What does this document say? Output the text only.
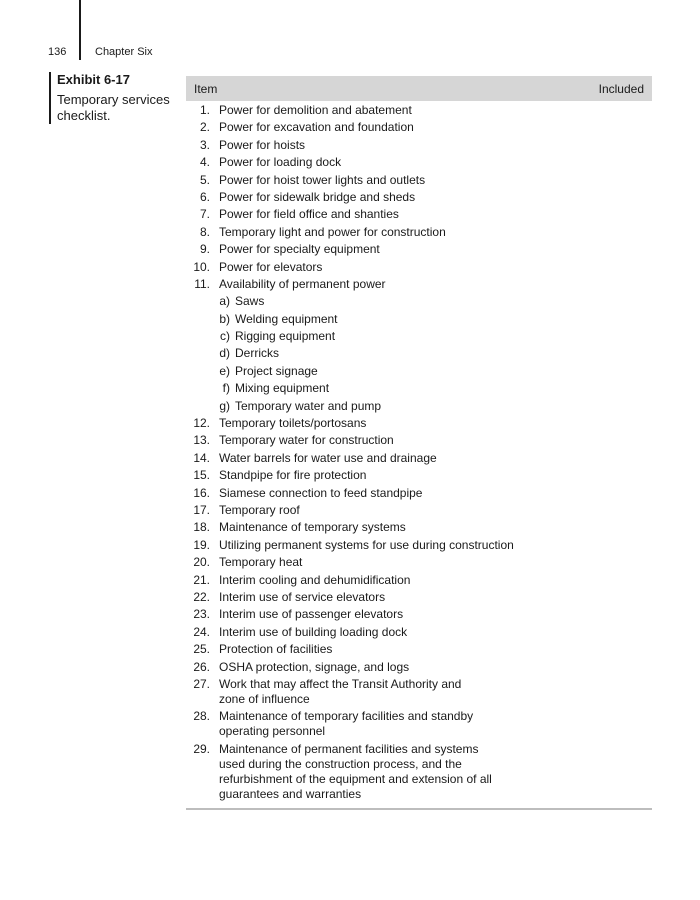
136	Chapter Six
Exhibit 6-17
Temporary services checklist.
Item	Included
1. Power for demolition and abatement
2. Power for excavation and foundation
3. Power for hoists
4. Power for loading dock
5. Power for hoist tower lights and outlets
6. Power for sidewalk bridge and sheds
7. Power for field office and shanties
8. Temporary light and power for construction
9. Power for specialty equipment
10. Power for elevators
11. Availability of permanent power
a) Saws
b) Welding equipment
c) Rigging equipment
d) Derricks
e) Project signage
f) Mixing equipment
g) Temporary water and pump
12. Temporary toilets/portosans
13. Temporary water for construction
14. Water barrels for water use and drainage
15. Standpipe for fire protection
16. Siamese connection to feed standpipe
17. Temporary roof
18. Maintenance of temporary systems
19. Utilizing permanent systems for use during construction
20. Temporary heat
21. Interim cooling and dehumidification
22. Interim use of service elevators
23. Interim use of passenger elevators
24. Interim use of building loading dock
25. Protection of facilities
26. OSHA protection, signage, and logs
27. Work that may affect the Transit Authority and
zone of influence
28. Maintenance of temporary facilities and standby
operating personnel
29. Maintenance of permanent facilities and systems
used during the construction process, and the
refurbishment of the equipment and extension of all
guarantees and warranties
